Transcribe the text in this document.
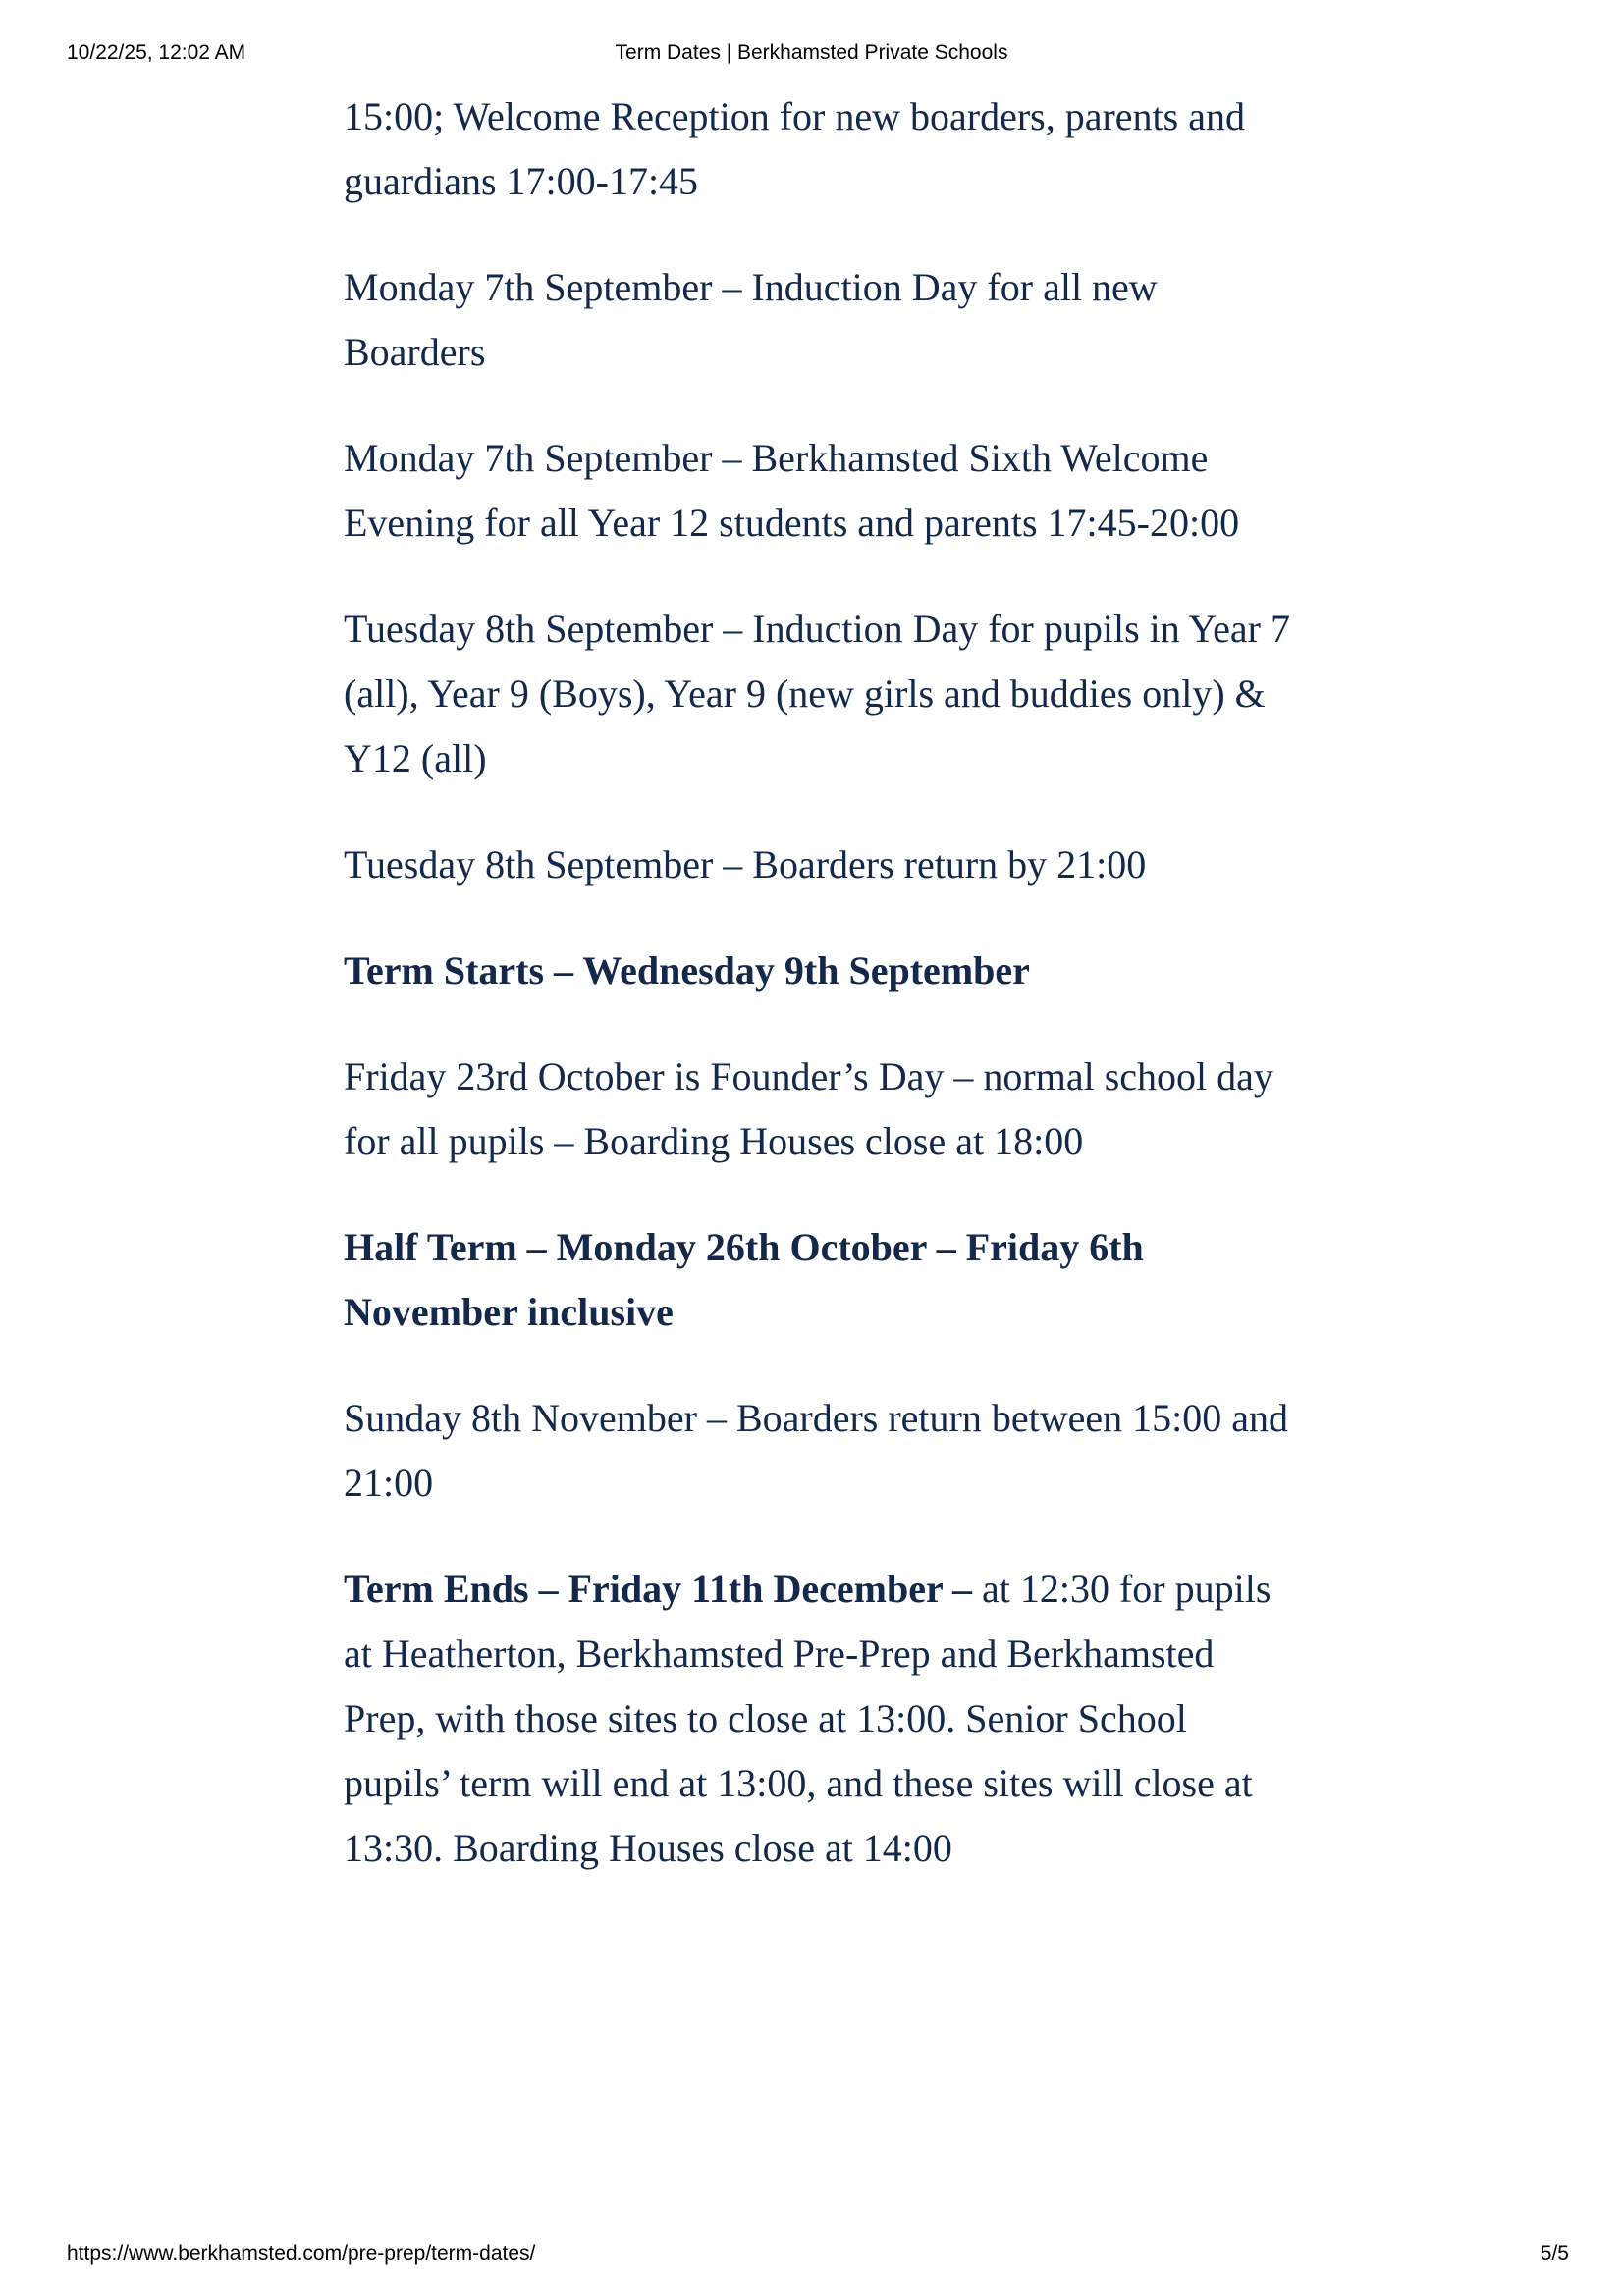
10/22/25, 12:02 AM	Term Dates | Berkhamsted Private Schools

15:00; Welcome Reception for new boarders, parents and guardians 17:00-17:45

Monday 7th September – Induction Day for all new Boarders

Monday 7th September – Berkhamsted Sixth Welcome Evening for all Year 12 students and parents 17:45-20:00

Tuesday 8th September – Induction Day for pupils in Year 7 (all), Year 9 (Boys), Year 9 (new girls and buddies only) & Y12 (all)

Tuesday 8th September – Boarders return by 21:00

Term Starts – Wednesday 9th September

Friday 23rd October is Founder’s Day – normal school day for all pupils – Boarding Houses close at 18:00

Half Term – Monday 26th October – Friday 6th November inclusive

Sunday 8th November – Boarders return between 15:00 and 21:00

Term Ends – Friday 11th December – at 12:30 for pupils at Heatherton, Berkhamsted Pre-Prep and Berkhamsted Prep, with those sites to close at 13:00. Senior School pupils’ term will end at 13:00, and these sites will close at 13:30. Boarding Houses close at 14:00

https://www.berkhamsted.com/pre-prep/term-dates/	5/5
